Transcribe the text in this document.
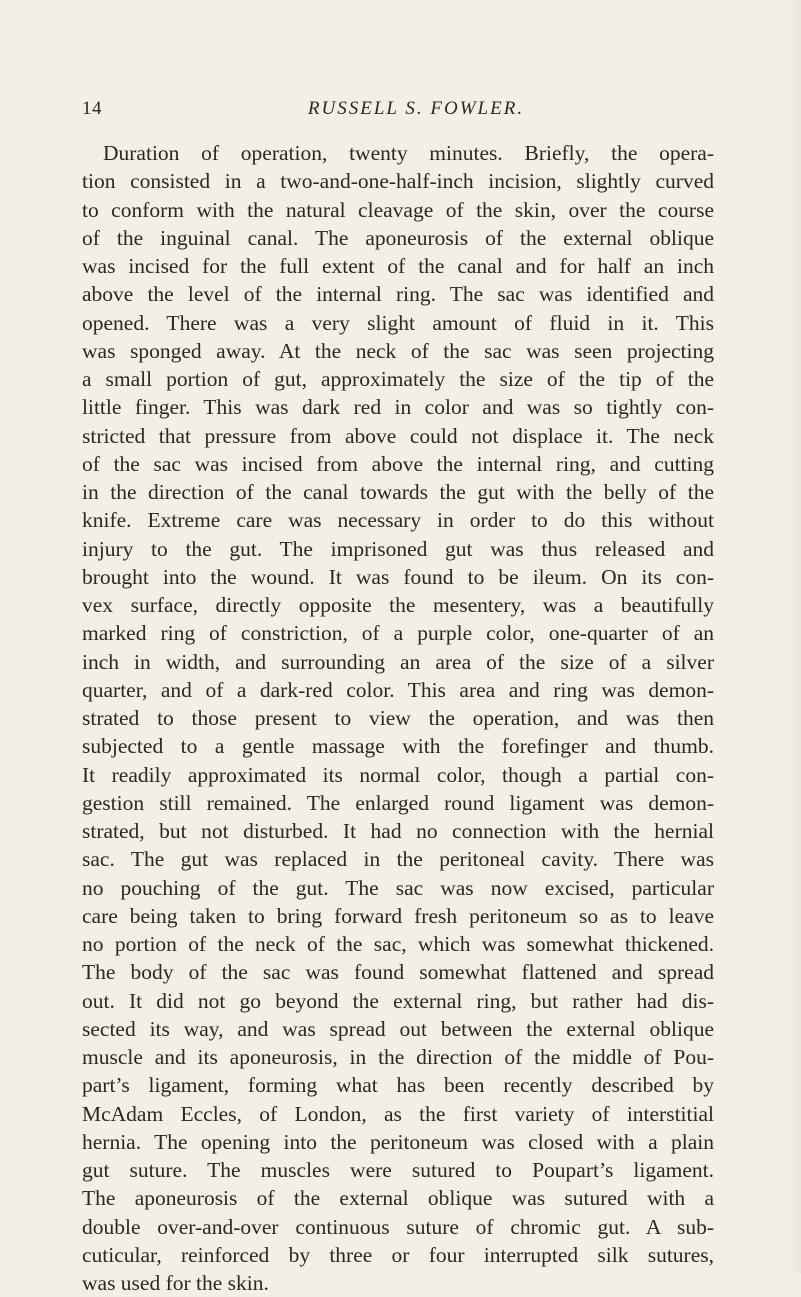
14	RUSSELL S. FOWLER.
Duration of operation, twenty minutes. Briefly, the opera-
tion consisted in a two-and-one-half-inch incision, slightly curved
to conform with the natural cleavage of the skin, over the course
of the inguinal canal. The aponeurosis of the external oblique
was incised for the full extent of the canal and for half an inch
above the level of the internal ring. The sac was identified and
opened. There was a very slight amount of fluid in it. This
was sponged away. At the neck of the sac was seen projecting
a small portion of gut, approximately the size of the tip of the
little finger. This was dark red in color and was so tightly con-
stricted that pressure from above could not displace it. The neck
of the sac was incised from above the internal ring, and cutting
in the direction of the canal towards the gut with the belly of the
knife. Extreme care was necessary in order to do this without
injury to the gut. The imprisoned gut was thus released and
brought into the wound. It was found to be ileum. On its con-
vex surface, directly opposite the mesentery, was a beautifully
marked ring of constriction, of a purple color, one-quarter of an
inch in width, and surrounding an area of the size of a silver
quarter, and of a dark-red color. This area and ring was demon-
strated to those present to view the operation, and was then
subjected to a gentle massage with the forefinger and thumb.
It readily approximated its normal color, though a partial con-
gestion still remained. The enlarged round ligament was demon-
strated, but not disturbed. It had no connection with the hernial
sac. The gut was replaced in the peritoneal cavity. There was
no pouching of the gut. The sac was now excised, particular
care being taken to bring forward fresh peritoneum so as to leave
no portion of the neck of the sac, which was somewhat thickened.
The body of the sac was found somewhat flattened and spread
out. It did not go beyond the external ring, but rather had dis-
sected its way, and was spread out between the external oblique
muscle and its aponeurosis, in the direction of the middle of Pou-
part’s ligament, forming what has been recently described by
McAdam Eccles, of London, as the first variety of interstitial
hernia. The opening into the peritoneum was closed with a plain
gut suture. The muscles were sutured to Poupart’s ligament.
The aponeurosis of the external oblique was sutured with a
double over-and-over continuous suture of chromic gut. A sub-
cuticular, reinforced by three or four interrupted silk sutures,
was used for the skin.
